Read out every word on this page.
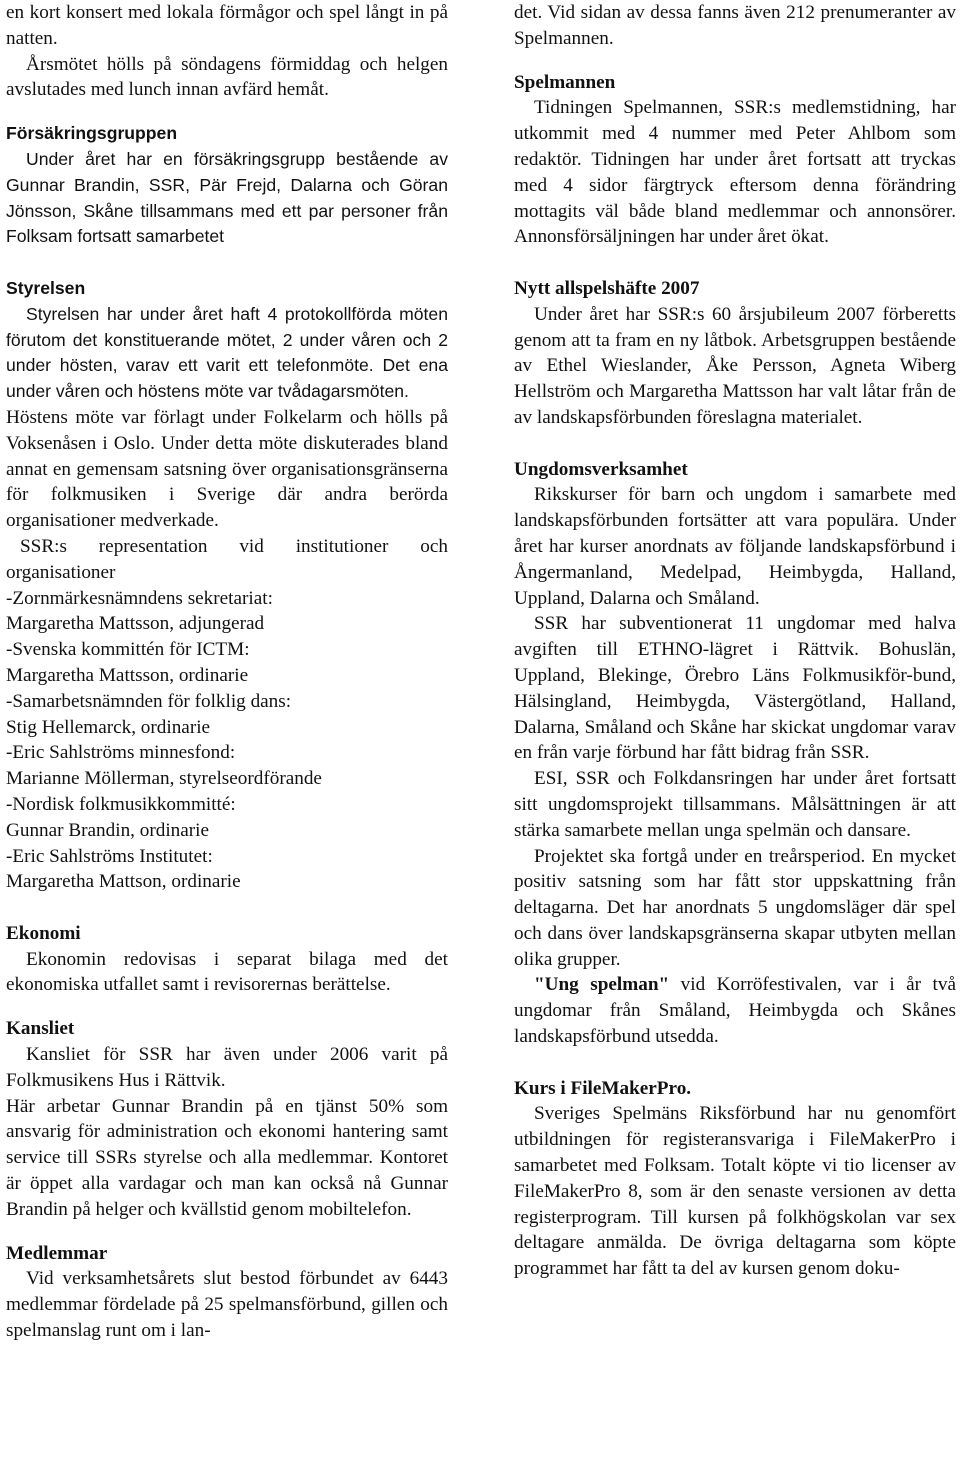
en kort konsert med lokala förmågor och spel långt in på natten.

Årsmötet hölls på söndagens förmiddag och helgen avslutades med lunch innan avfärd hemåt.

Försäkringsgruppen

Under året har en försäkringsgrupp bestående av Gunnar Brandin, SSR, Pär Frejd, Dalarna och Göran Jönsson, Skåne tillsammans med ett par personer från Folksam fortsatt samarbetet

Styrelsen

Styrelsen har under året haft 4 protokollförda möten förutom det konstituerande mötet, 2 under våren och 2 under hösten, varav ett varit ett telefonmöte. Det ena under våren och höstens möte var tvådagarsmöten.

Höstens möte var förlagt under Folkelarm och hölls på Voksenåsen i Oslo. Under detta möte diskuterades bland annat en gemensam satsning över organisationsgränserna för folkmusiken i Sverige där andra berörda organisationer medverkade.

SSR:s representation vid institutioner och organisationer

-Zornmärkesnämndens sekretariat:

Margaretha Mattsson, adjungerad

-Svenska kommittén för ICTM:

Margaretha Mattsson, ordinarie

-Samarbetsnämnden för folklig dans:

Stig Hellemarck, ordinarie

-Eric Sahlströms minnesfond:

Marianne Möllerman, styrelseordförande

-Nordisk folkmusikkommitté:

Gunnar Brandin, ordinarie

-Eric Sahlströms Institutet:

Margaretha Mattson, ordinarie

Ekonomi

Ekonomin redovisas i separat bilaga med det ekonomiska utfallet samt i revisorernas berättelse.

Kansliet

Kansliet för SSR har även under 2006 varit på Folkmusikens Hus i Rättvik.

Här arbetar Gunnar Brandin på en tjänst 50% som ansvarig för administration och ekonomi hantering samt service till SSRs styrelse och alla medlemmar. Kontoret är öppet alla vardagar och man kan också nå Gunnar Brandin på helger och kvällstid genom mobiltelefon.

Medlemmar

Vid verksamhetsårets slut bestod förbundet av 6443 medlemmar fördelade på 25 spelmansförbund, gillen och spelmanslag runt om i lan-

det. Vid sidan av dessa fanns även 212 prenumeranter av Spelmannen.

Spelmannen

Tidningen Spelmannen, SSR:s medlemstidning, har utkommit med 4 nummer med Peter Ahlbom som redaktör. Tidningen har under året fortsatt att tryckas med 4 sidor färgtryck eftersom denna förändring mottagits väl både bland medlemmar och annonsörer. Annonsförsäljningen har under året ökat.

Nytt allspelshäfte 2007

Under året har SSR:s 60 årsjubileum 2007 förberetts genom att ta fram en ny låtbok. Arbetsgruppen bestående av Ethel Wieslander, Åke Persson, Agneta Wiberg Hellström och Margaretha Mattsson har valt låtar från de av landskapsförbunden föreslagna materialet.

Ungdomsverksamhet

Rikskurser för barn och ungdom i samarbete med landskapsförbunden fortsätter att vara populära. Under året har kurser anordnats av följande landskapsförbund i Ångermanland, Medelpad, Heimbygda, Halland, Uppland, Dalarna och Småland.

SSR har subventionerat 11 ungdomar med halva avgiften till ETHNO-lägret i Rättvik. Bohuslän, Uppland, Blekinge, Örebro Läns Folkmusikför-bund, Hälsingland, Heimbygda, Västergötland, Halland, Dalarna, Småland och Skåne har skickat ungdomar varav en från varje förbund har fått bidrag från SSR.

ESI, SSR och Folkdansringen har under året fortsatt sitt ungdomsprojekt tillsammans. Målsättningen är att stärka samarbete mellan unga spelmän och dansare.

Projektet ska fortgå under en treårsperiod. En mycket positiv satsning som har fått stor uppskattning från deltagarna. Det har anordnats 5 ungdomsläger där spel och dans över landskapsgränserna skapar utbyten mellan olika grupper.

"Ung spelman" vid Korröfestivalen, var i år två ungdomar från Småland, Heimbygda och Skånes landskapsförbund utsedda.

Kurs i FileMakerPro.

Sveriges Spelmäns Riksförbund har nu genomfört utbildningen för registeransvariga i FileMakerPro i samarbetet med Folksam. Totalt köpte vi tio licenser av FileMakerPro 8, som är den senaste versionen av detta registerprogram. Till kursen på folkhögskolan var sex deltagare anmälda. De övriga deltagarna som köpte programmet har fått ta del av kursen genom doku-
